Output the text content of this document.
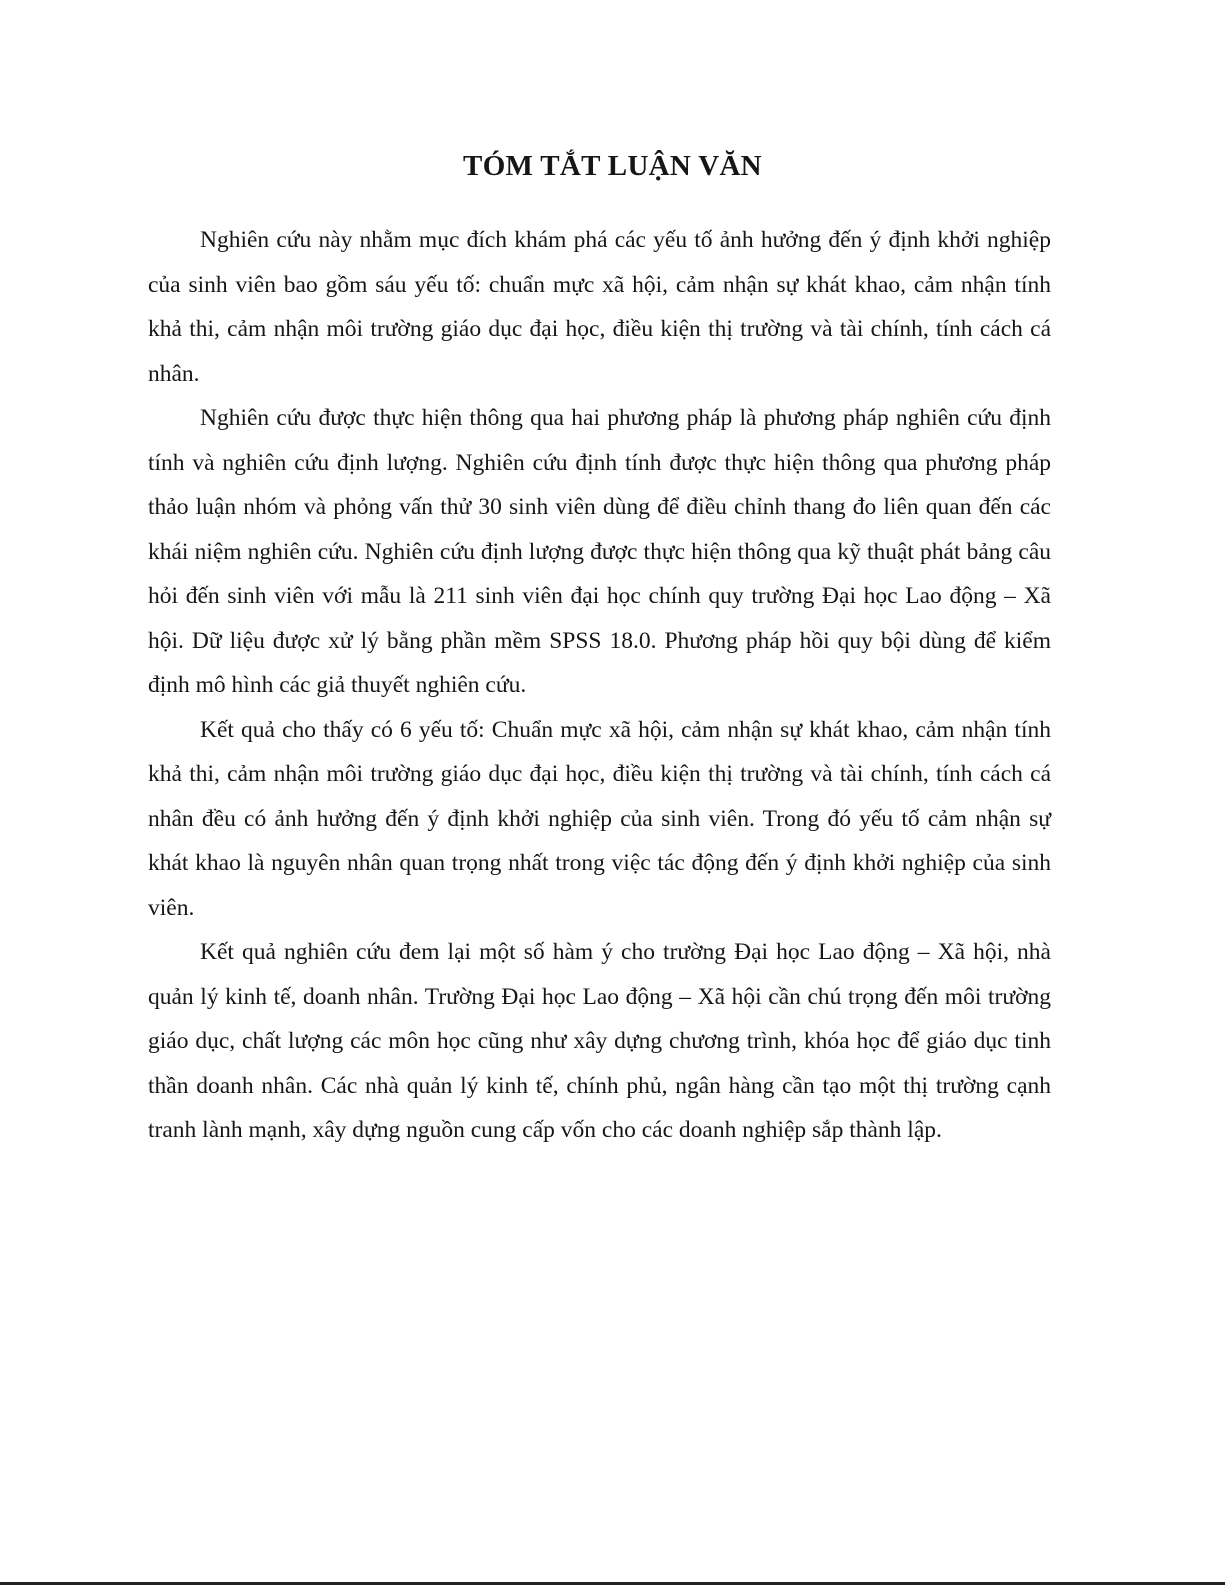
TÓM TẮT LUẬN VĂN

Nghiên cứu này nhằm mục đích khám phá các yếu tố ảnh hưởng đến ý định khởi nghiệp của sinh viên bao gồm sáu yếu tố: chuẩn mực xã hội, cảm nhận sự khát khao, cảm nhận tính khả thi, cảm nhận môi trường giáo dục đại học, điều kiện thị trường và tài chính, tính cách cá nhân.

Nghiên cứu được thực hiện thông qua hai phương pháp là phương pháp nghiên cứu định tính và nghiên cứu định lượng. Nghiên cứu định tính được thực hiện thông qua phương pháp thảo luận nhóm và phỏng vấn thử 30 sinh viên dùng để điều chỉnh thang đo liên quan đến các khái niệm nghiên cứu. Nghiên cứu định lượng được thực hiện thông qua kỹ thuật phát bảng câu hỏi đến sinh viên với mẫu là 211 sinh viên đại học chính quy trường Đại học Lao động – Xã hội. Dữ liệu được xử lý bằng phần mềm SPSS 18.0. Phương pháp hồi quy bội dùng để kiểm định mô hình các giả thuyết nghiên cứu.

Kết quả cho thấy có 6 yếu tố: Chuẩn mực xã hội, cảm nhận sự khát khao, cảm nhận tính khả thi, cảm nhận môi trường giáo dục đại học, điều kiện thị trường và tài chính, tính cách cá nhân đều có ảnh hưởng đến ý định khởi nghiệp của sinh viên. Trong đó yếu tố cảm nhận sự khát khao là nguyên nhân quan trọng nhất trong việc tác động đến ý định khởi nghiệp của sinh viên.

Kết quả nghiên cứu đem lại một số hàm ý cho trường Đại học Lao động – Xã hội, nhà quản lý kinh tế, doanh nhân. Trường Đại học Lao động – Xã hội cần chú trọng đến môi trường giáo dục, chất lượng các môn học cũng như xây dựng chương trình, khóa học để giáo dục tinh thần doanh nhân. Các nhà quản lý kinh tế, chính phủ, ngân hàng cần tạo một thị trường cạnh tranh lành mạnh, xây dựng nguồn cung cấp vốn cho các doanh nghiệp sắp thành lập.
